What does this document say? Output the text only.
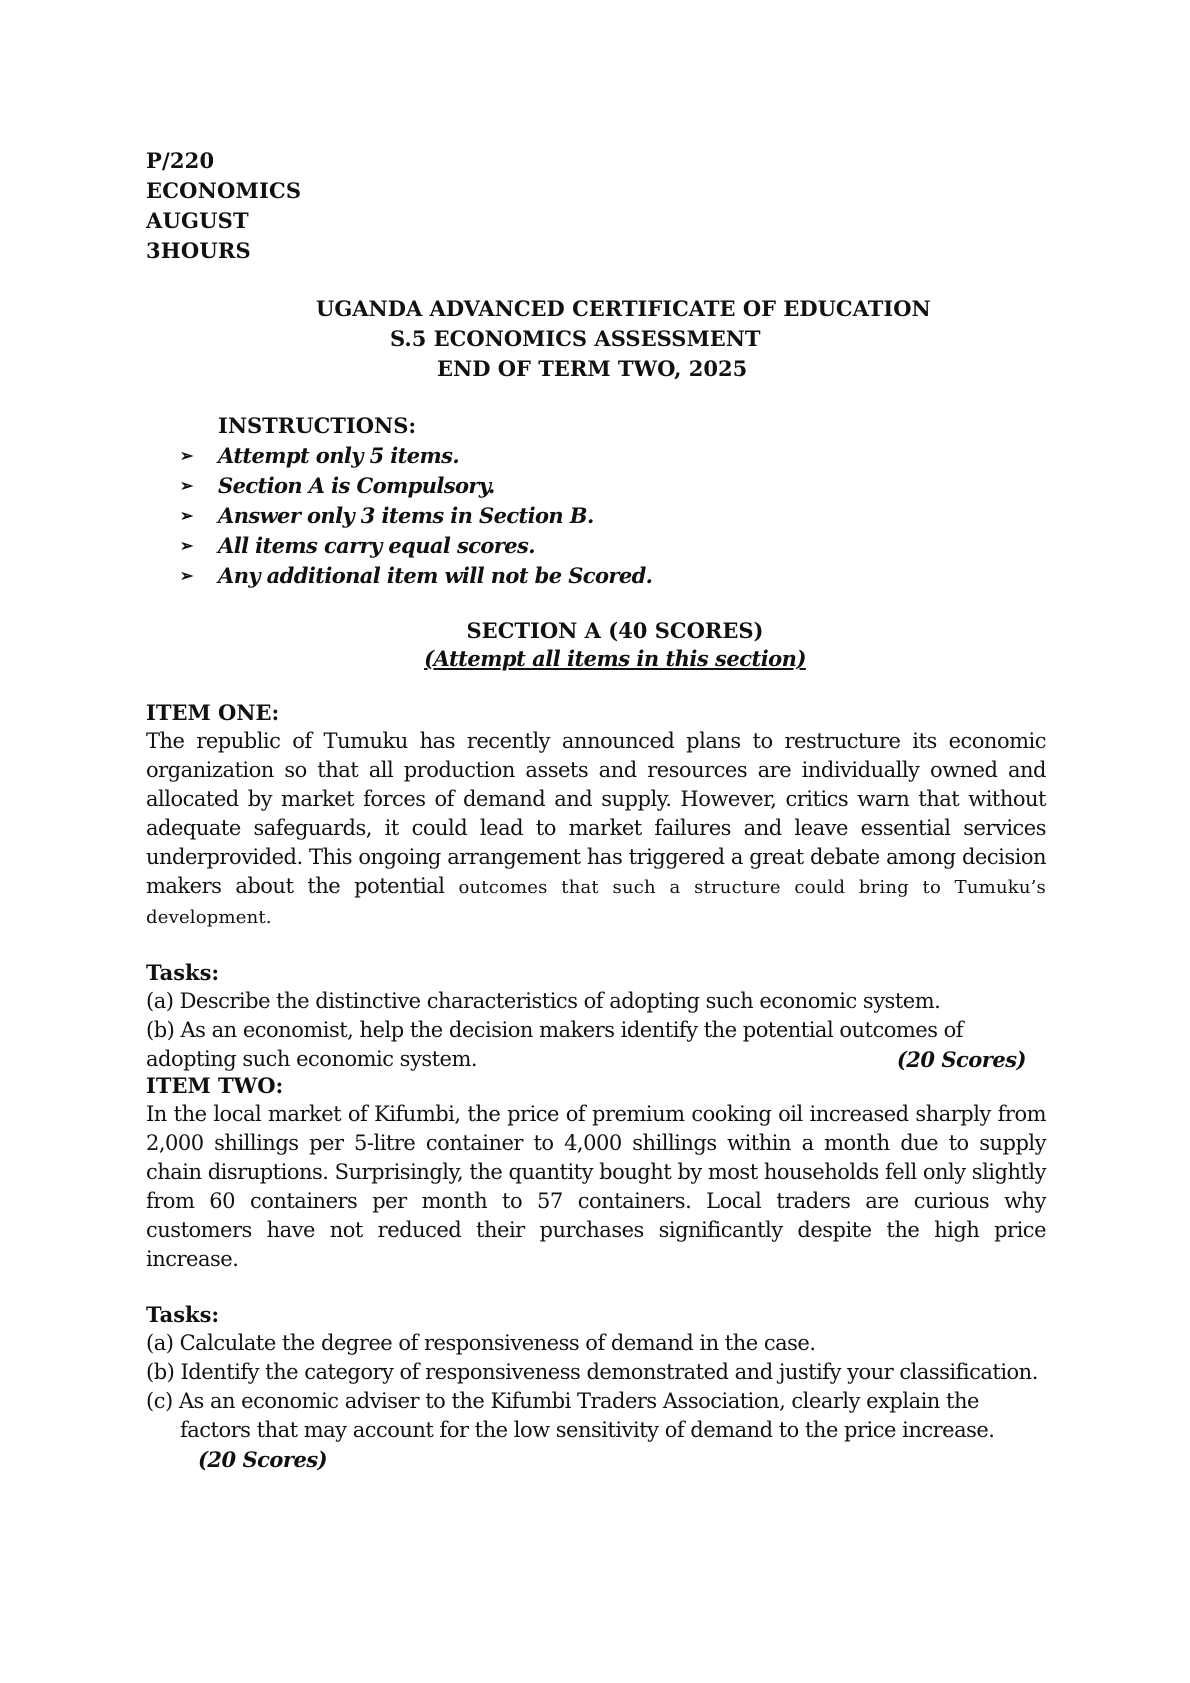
P/220
ECONOMICS
AUGUST
3HOURS
UGANDA ADVANCED CERTIFICATE OF EDUCATION
S.5 ECONOMICS ASSESSMENT
END OF TERM TWO, 2025
INSTRUCTIONS:
➢	Attempt only 5 items.
➢	Section A is Compulsory.
➢	Answer only 3 items in Section B.
➢	All items carry equal scores.
➢	Any additional item will not be Scored.
SECTION A (40 SCORES)
(Attempt all items in this section)
ITEM ONE:

The republic of Tumuku has recently announced plans to restructure its economic organization so that all production assets and resources are individually owned and allocated by market forces of demand and supply. However, critics warn that without adequate safeguards, it could lead to market failures and leave essential services underprovided. This ongoing arrangement has triggered a great debate among decision makers about the potential outcomes that such a structure could bring to Tumuku’s development.

Tasks:
(a) Describe the distinctive characteristics of adopting such economic system.
(b) As an economist, help the decision makers identify the potential outcomes of adopting such economic system.	(20 Scores)
ITEM TWO:

In the local market of Kifumbi, the price of premium cooking oil increased sharply from 2,000 shillings per 5-litre container to 4,000 shillings within a month due to supply chain disruptions. Surprisingly, the quantity bought by most households fell only slightly from 60 containers per month to 57 containers. Local traders are curious why customers have not reduced their purchases significantly despite the high price increase.

Tasks:
(a) Calculate the degree of responsiveness of demand in the case.
(b) Identify the category of responsiveness demonstrated and justify your classification.
(c) As an economic adviser to the Kifumbi Traders Association, clearly explain the factors that may account for the low sensitivity of demand to the price increase.(20 Scores)
